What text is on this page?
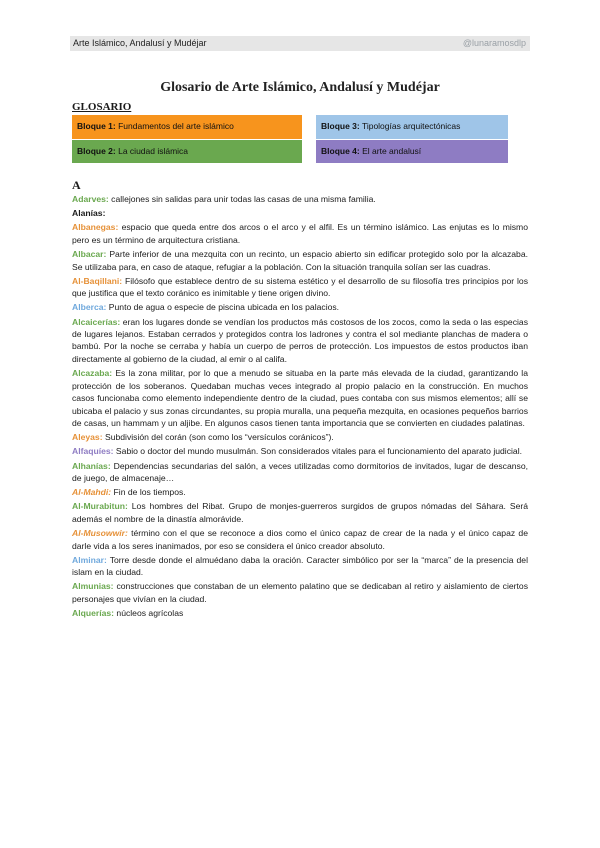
Arte Islámico, Andalusí y Mudéjar	@lunaramosdlp
Glosario de Arte Islámico, Andalusí y Mudéjar
GLOSARIO
Bloque 1: Fundamentos del arte islámico	Bloque 3: Tipologías arquitectónicas
Bloque 2: La ciudad islámica	Bloque 4: El arte andalusí
A

Adarves: callejones sin salidas para unir todas las casas de una misma familia.

Alanías:

Albanegas: espacio que queda entre dos arcos o el arco y el alfil. Es un término islámico. Las enjutas es lo mismo pero es un término de arquitectura cristiana.

Albacar: Parte inferior de una mezquita con un recinto, un espacio abierto sin edificar protegido solo por la alcazaba. Se utilizaba para, en caso de ataque, refugiar a la población. Con la situación tranquila solían ser las cuadras.

Al-Baqillani: Filósofo que establece dentro de su sistema estético y el desarrollo de su filosofía tres principios por los que justifica que el texto coránico es inimitable y tiene origen divino.

Alberca: Punto de agua o especie de piscina ubicada en los palacios.

Alcaicerías: eran los lugares donde se vendían los productos más costosos de los zocos, como la seda o las especias de lugares lejanos. Estaban cerrados y protegidos contra los ladrones y contra el sol mediante planchas de madera o bambú. Por la noche se cerraba y había un cuerpo de perros de protección. Los impuestos de estos productos iban directamente al gobierno de la ciudad, al emir o al califa.

Alcazaba: Es la zona militar, por lo que a menudo se situaba en la parte más elevada de la ciudad, garantizando la protección de los soberanos. Quedaban muchas veces integrado al propio palacio en la construcción. En muchos casos funcionaba como elemento independiente dentro de la ciudad, pues contaba con sus mismos elementos; allí se ubicaba el palacio y sus zonas circundantes, su propia muralla, una pequeña mezquita, en ocasiones pequeños barrios de casas, un hammam y un aljibe. En algunos casos tienen tanta importancia que se convierten en ciudades palatinas.

Aleyas: Subdivisión del corán (son como los “versículos coránicos”).

Alfaquíes: Sabio o doctor del mundo musulmán. Son considerados vitales para el funcionamiento del aparato judicial.

Alhanías: Dependencias secundarias del salón, a veces utilizadas como dormitorios de invitados, lugar de descanso, de juego, de almacenaje…

Al-Mahdi: Fin de los tiempos.

Al-Murabitun: Los hombres del Ribat. Grupo de monjes-guerreros surgidos de grupos nómadas del Sáhara. Será además el nombre de la dinastía almorávide.

Al-Musowwir: término con el que se reconoce a dios como el único capaz de crear de la nada y el único capaz de darle vida a los seres inanimados, por eso se considera el único creador absoluto.

Alminar: Torre desde donde el almuédano daba la oración. Caracter simbólico por ser la “marca” de la presencia del islam en la ciudad.

Almunias: construcciones que constaban de un elemento palatino que se dedicaban al retiro y aislamiento de ciertos personajes que vivían en la ciudad.

Alquerías: núcleos agrícolas
